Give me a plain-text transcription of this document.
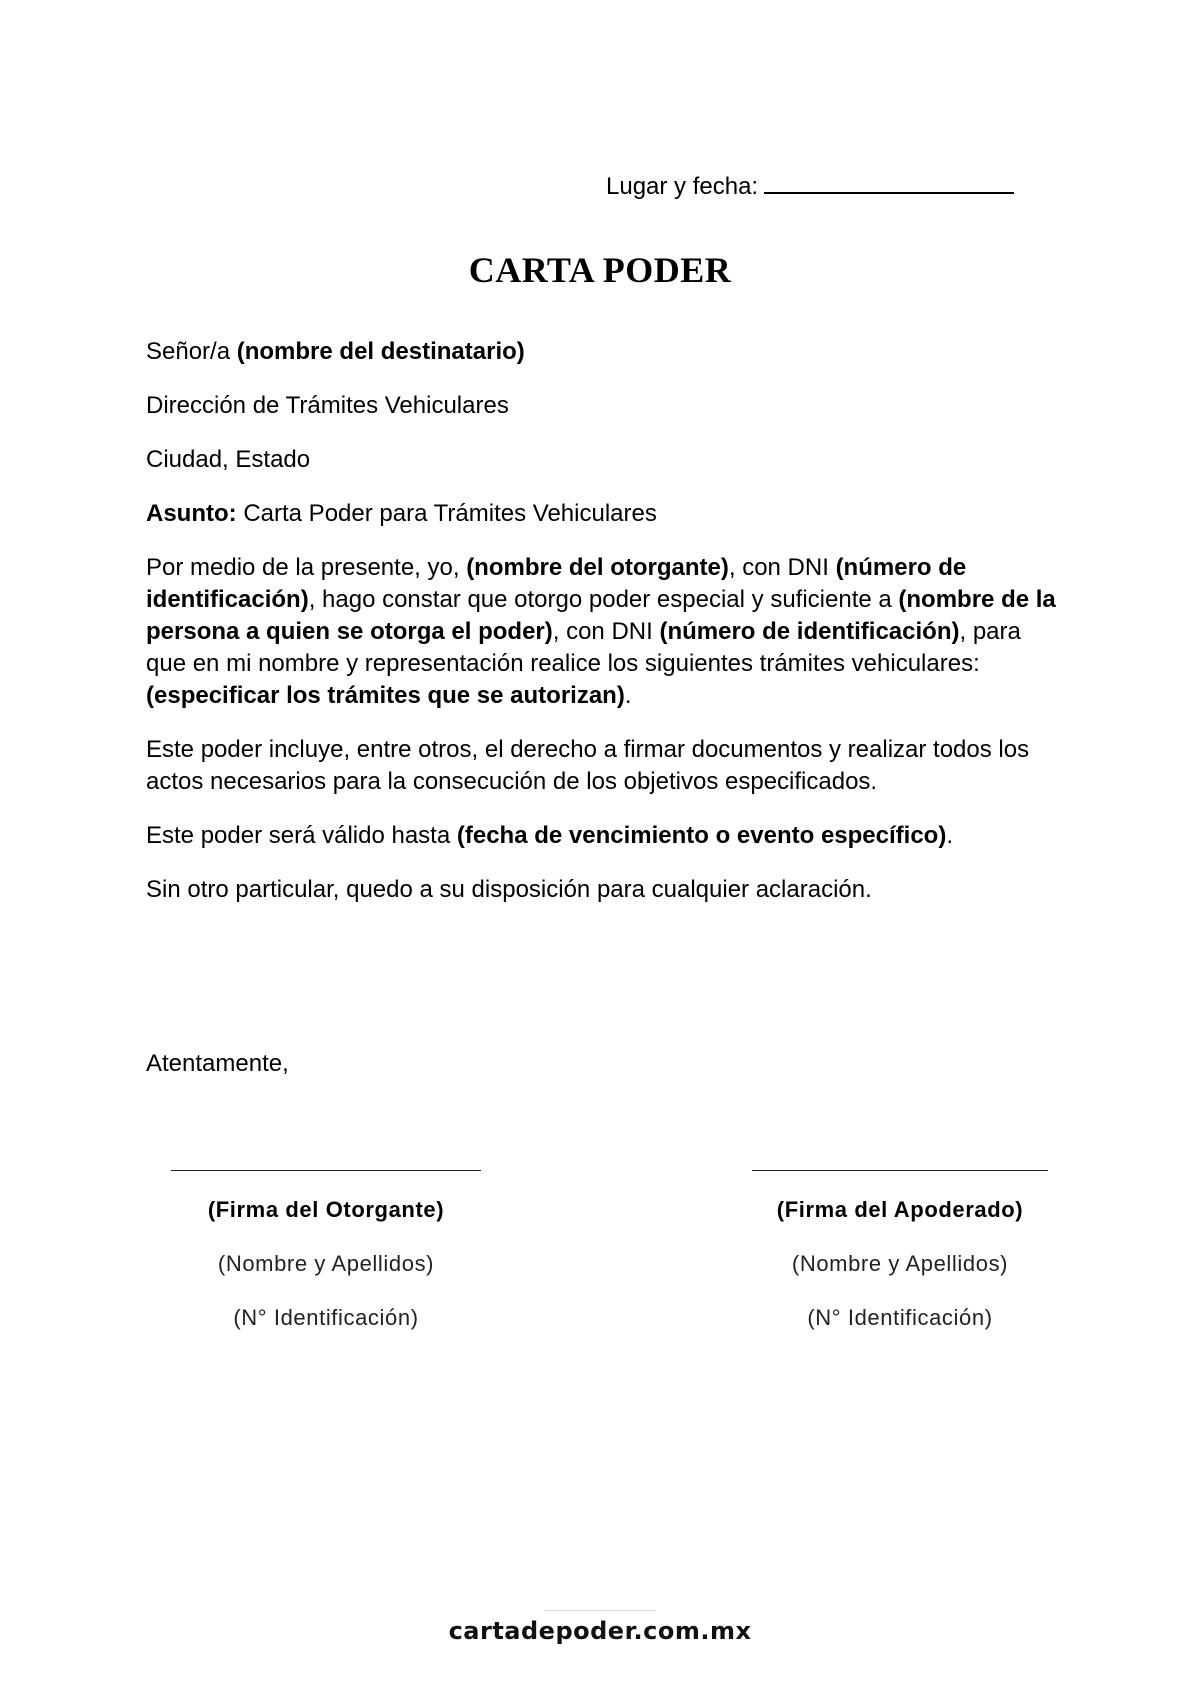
Lugar y fecha:
CARTA PODER

Señor/a (nombre del destinatario)

Dirección de Trámites Vehiculares

Ciudad, Estado

Asunto: Carta Poder para Trámites Vehiculares

Por medio de la presente, yo, (nombre del otorgante), con DNI (número de identificación), hago constar que otorgo poder especial y suficiente a (nombre de la persona a quien se otorga el poder), con DNI (número de identificación), para que en mi nombre y representación realice los siguientes trámites vehiculares: (especificar los trámites que se autorizan).

Este poder incluye, entre otros, el derecho a firmar documentos y realizar todos los actos necesarios para la consecución de los objetivos especificados.

Este poder será válido hasta (fecha de vencimiento o evento específico).

Sin otro particular, quedo a su disposición para cualquier aclaración.

Atentamente,
(Firma del Otorgante)
(Nombre y Apellidos)
(N° Identificación)
(Firma del Apoderado)
(Nombre y Apellidos)
(N° Identificación)
cartadepoder.com.mx
